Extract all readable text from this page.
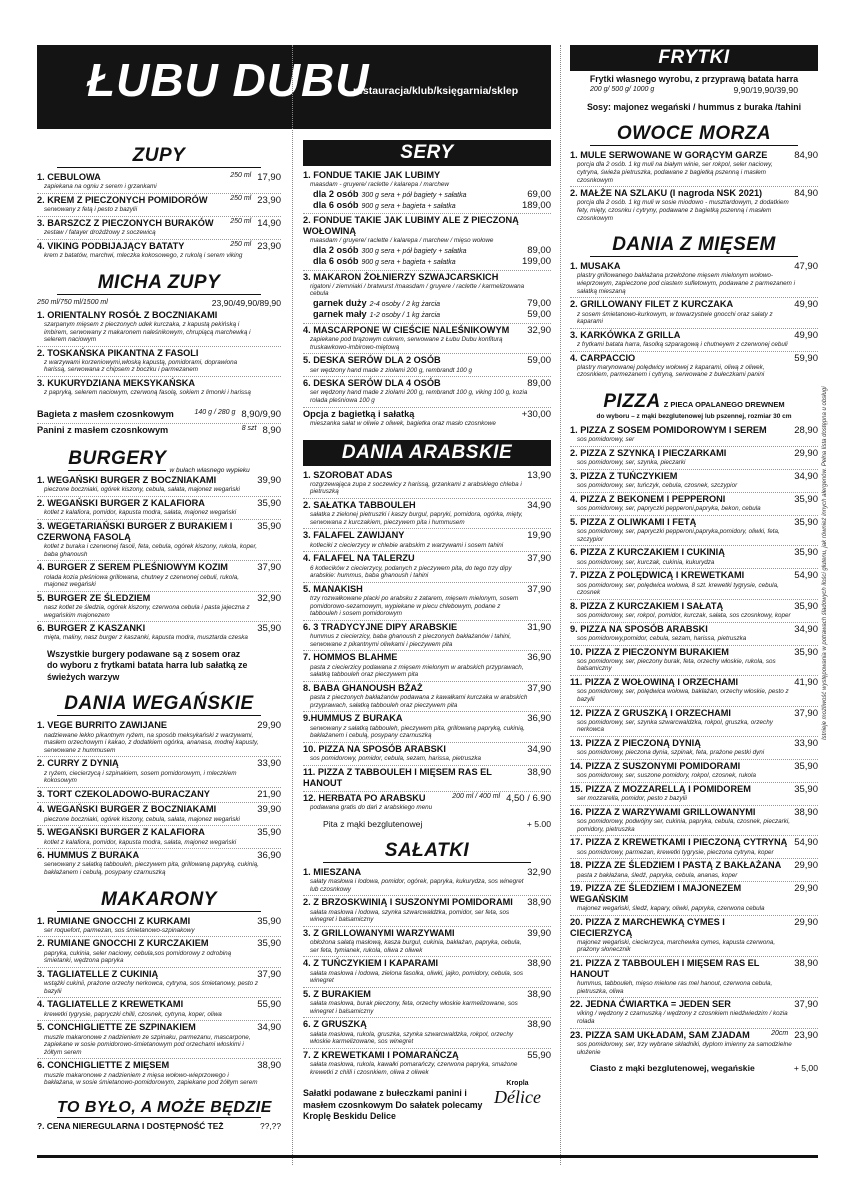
ŁUBU DUBU
restauracja/klub/księgarnia/sklep
ZUPY
1. CEBULOWA	250 ml 17,90
zapiekana na ogniu z serem i grzankami
2. KREM Z PIECZONYCH POMIDORÓW	250 ml 23,90
serwowany z fetą i pesto z bazylii
3. BARSZCZ Z PIECZONYCH BURAKÓW	250 ml 14,90
zestaw / fatayer drożdżowy z soczewicą
4. VIKING PODBIJAJĄCY BATATY	250 ml 23,90
krem z batatów, marchwi, mleczka kokosowego, z rukolą i serem viking
MICHA ZUPY
250 ml/750 ml/1500 ml	23,90/49,90/89,90
1. ORIENTALNY ROSÓŁ Z BOCZNIAKAMI
szarpanym mięsem z pieczonych udek kurczaka, z kapustą pekińską i imbirem, serwowany z makaronem naleśnikowym, chrupiącą marchewką i selerem naciowym
2. TOSKAŃSKA PIKANTNA Z FASOLI
z warzywami korzeniowymi,włoską kapustą, pomidorami, doprawiona harissą, serwowana z chipsem z boczku i parmezanem
3. KUKURYDZIANA MEKSYKAŃSKA
z papryką, selerem naciowym, czerwoną fasolą, sokiem z limonki i harissą
Bagieta z masłem czosnkowym	140 g / 280 g 8,90/9,90
Panini z masłem czosnkowym	8 szt 8,90
BURGERY
w bułach własnego wypieku
1. WEGAŃSKI BURGER Z BOCZNIAKAMI	39,90
pieczone boczniaki, ogórek kiszony, cebula, sałata, majonez wegański
2. WEGAŃSKI BURGER Z KALAFIORA	35,90
kotlet z kalafiora, pomidor, kapusta modra, sałata, majonez wegański
3. WEGETARIAŃSKI BURGER Z BURAKIEM I CZERWONĄ FASOLĄ
35,90
kotlet z buraka i czerwonej fasoli, feta, cebula, ogórek kiszony, rukola, koper, baba ghanoush
4. BURGER Z SEREM PLEŚNIOWYM KOZIM	37,90
roladа kozia pleśniowa grillowana, chutney z czerwonej cebuli, rukola, majonez wegański
5. BURGER ZE ŚLEDZIEM	32,90
nasz kotlet ze śledzia, ogórek kiszony, czerwona cebula i pasta jajeczna z wegańskim majonezem
6. BURGER Z KASZANKI	35,90
mięta, maliny, nasz burger z kaszanki, kapusta modra, musztarda czeska
Wszystkie burgery podawane są z sosem oraz do wyboru z frytkami batata harra lub sałatką ze świeżych warzyw
DANIA WEGAŃSKIE
1. VEGE BURRITO ZAWIJANE	29,90
nadziewane lekko pikantnym ryżem, na sposób meksykański z warzywami, masłem orzechowym i kakao, z dodatkiem ogórka, ananasa, modrej kapusty, serwowane z hummusem
2. CURRY Z DYNIĄ	33,90
z ryżem, ciecierzycą i szpinakiem, sosem pomidorowym, i mleczkiem kokosowym
3. TORT CZEKOLADOWO-BURACZANY	21,90
4. WEGAŃSKI BURGER Z BOCZNIAKAMI	39,90
pieczone boczniaki, ogórek kiszony, cebula, sałata, majonez wegański
5. WEGAŃSKI BURGER Z KALAFIORA	35,90
kotlet z kalafiora, pomidor, kapusta modra, sałata, majonez wegański
6. HUMMUS Z BURAKA	36,90
serwowany z sałatką tabbouleh, pieczywem pita, grillowaną papryką, cukinią, bakłażanem i cebulą, posypany czarnuszką
MAKARONY
1. RUMIANE GNOCCHI Z KURKAMI	35,90
ser roquefort, parmezan, sos śmietanowo-szpinakowy
2. RUMIANE GNOCCHI Z KURCZAKIEM	35,90
papryka, cukinia, seler naciowy, cebula,sos pomidorowy z odrobiną śmietanki, wędzona papryka
3. TAGLIATELLE Z CUKINIĄ	37,90
wstążki cukinii, prażone orzechy nerkowca, cytryna, sos śmietanowy, pesto z bazylii
4. TAGLIATELLE Z KREWETKAMI	55,90
krewetki tygrysie, papryczki chilli, czosnek, cytryna, koper, oliwa
5. CONCHIGLIETTE ZE SZPINAKIEM	34,90
muszle makaronowe z nadzieniem ze szpinaku, parmezanu, mascarpone, zapiekane w sosie pomidorowo-śmietanowym pod orzechami włoskimi i żółtym serem
6. CONCHIGLIETTE Z MIĘSEM	38,90
muszle makaronowe z nadzieniem z mięsa wołowo-wieprzowego i bakłażana, w sosie śmietanowo-pomidorowym, zapiekane pod żółtym serem
TO BYŁO, A MOŻE BĘDZIE
?. CENA NIEREGULARNA I DOSTĘPNOŚĆ TEŻ	??,??
SERY
1. FONDUE TAKIE JAK LUBIMY
maasdam - gruyere/ raclette / kalarepa / marchew
dla 2 osób 300 g sera + pół bagiety + sałatka	69,00
dla 6 osób 900 g sera + bagieta + sałatka	189,00
2. FONDUE TAKIE JAK LUBIMY ALE Z PIECZONĄ WOŁOWINĄ
maasdam / gruyere/ raclette / kalarepa / marchew / mięso wołowe
dla 2 osób 300 g sera + pół bagiety + sałatka	89,00
dla 6 osób 900 g sera + bagieta + sałatka	199,00
3. MAKARON ŻOŁNIERZY SZWAJCARSKICH
rigatoni / ziemniaki / bratwurst /maasdam / gruyere / raclette / karmelizowana cebula
garnek duży 2-4 osoby / 2 kg żarcia	79,00
garnek mały 1-2 osoby / 1 kg żarcia	59,00
4. MASCARPONE W CIEŚCIE NALEŚNIKOWYM	32,90
zapiekane pod brązowym cukrem, serwowane z Łubu Dubu konfiturą truskawkowo-imbirowo-miętową
5. DESKA SERÓW DLA 2 OSÓB	59,00
ser wędzony hand made z ziołami 200 g, rembrandt 100 g
6. DESKA SERÓW DLA 4 OSÓB	89,00
ser wędzony hand made z ziołami 200 g, rembrandt 100 g, viking 100 g, kozia rolada pleśniowa 100 g
Opcja z bagietką i sałatką	+30,00
mieszanka sałat w oliwie z oliwek, bagietka oraz masło czosnkowe
DANIA ARABSKIE
1. SZOROBAT ADAS	13,90
rozgrzewająca zupa z soczewicy z harissą, grzankami z arabskiego chleba i pietruszką
2. SAŁATKA TABBOULEH	34,90
sałatka z zieloneį pietruszki i kaszy burgul, papryki, pomidora, ogórka, mięty, serwowana z kurczakiem, pieczywem pita i hummusem
3. FALAFEL ZAWIJANY	19,90
kotleciki z ciecierzycy w chlebie arabskim z warzywami i sosem tahini
4. FALAFEL NA TALERZU	37,90
6 kotlecików z ciecierzycy, podanych z pieczywem pita, do tego trzy dipy arabskie: hummus, baba ghanoush i tahini
5. MANAKISH	37,90
trzy rozwałkowane placki po arabsku z zatarem, mięsem mielonym, sosem pomidorowo-sezamowym, wypiekane w piecu chlebowym, podane z tabbouleh i sosem pomidorowym
6. 3 TRADYCYJNE DIPY ARABSKIE	31,90
hummus z ciecierzicy, baba ghanoush z pieczonych bakłażanów i tahini, serwowane z pikantnymi oliwkami i pieczywem pita
7. HOMMOS BLAHME	36,90
pasta z ciecierzicy podawana z mięsem mielonym w arabskich przyprawach, sałatką tabbouleh oraz pieczywem pita
8. BABA GHANOUSH BŻAŻ	37,90
pasta z pieczonych bakłażanów podawana z kawałkami kurczaka w arabskich przyprawach, sałatką tabbouleh oraz pieczywem pita
9.HUMMUS Z BURAKA	36,90
serwowany z sałatką tabbouleh, pieczywem pita, grillowaną papryką, cukinią, bakłażanem i cebulą, posypany czarnuszką
10. PIZZA NA SPOSÓB ARABSKI	34,90
sos pomidorowy, pomidor, cebula, sezam, harissa, pietruszka
11. PIZZA Z TABBOULEH I MIĘSEM RAS EL HANOUT
38,90
12. HERBATA PO ARABSKU	200 ml / 400 ml 4,50 / 6.90
podawana gratis do dań z arabskiego menu
Pita z mąki bezglutenowej	+ 5.00
SAŁATKI
1. MIESZANA	32,90
sałaty masłowa i lodowa, pomidor, ogórek, papryka, kukurydza, sos winegret lub czosnkowy
2. Z BRZOSKWINIĄ I SUSZONYMI POMIDORAMI	38,90
sałata masłowa i lodowa, szynka szwarcwaldzka, pomidor, ser feta, sos winegret i balsamiczny
3. Z GRILLOWANYMI WARZYWAMI	39,90
obłożona sałatą masłową, kasza burgul, cukinia, bakłażan, papryka, cebula, ser feta, tymianek, rukola, oliwa z oliwek
4. Z TUŃCZYKIEM I KAPARAMI	38,90
sałata masłowa i lodowa, zielona fasolka, oliwki, jajko, pomidory, cebula, sos winegret
5. Z BURAKIEM	38,90
sałata masłowa, burak pieczony, feta, orzechy włoskie karmelizowane, sos winegret i balsamiczny
6. Z GRUSZKĄ	38,90
sałata masłowa, rukola, gruszka, szynka szwarcwaldzka, rokpol, orzechy włoskie karmelizowane, sos winegret
7. Z KREWETKAMI I POMARAŃCZĄ	55,90
sałata masłowa, rukola, kawałki pomarańczy, czerwona papryka, smażone krewetki z chilli i czosnkiem, oliwa z oliwek
Sałatki podawane z bułeczkami panini i masłem czosnkowym Do sałatek polecamy Kroplę Beskidu Delice
Kropla
Délice
FRYTKI
Frytki własnego wyrobu, z przyprawą batata harra
200 g/ 500 g/ 1000 g	9,90/19,90/39,90
Sosy: majonez wegański / hummus z buraka /tahini
OWOCE MORZA
1. MULE SERWOWANE W GORĄCYM GARZE	84,90
porcja dla 2 osób. 1 kg muli na białym winie, ser rokpol, seler naciowy, cytryna, świeża pietruszka, podawane z bagietką pszenną i masłem czosnkowym
2. MAŁŻE NA SZLAKU (I nagroda NSK 2021)	84,90
porcja dla 2 osób. 1 kg muli w sosie miodowo - musztardowym, z dodatkiem fety, mięty, czosnku i cytryny, podawane z bagietką pszenną i masłem czosnkowym
DANIA Z MIĘSEM
1. MUSAKA	47,90
plastry grillowanego bakłażana przełożone mięsem mielonym wołowo-wieprzowym, zapieczone pod ciastem sufletowym, podawane z parmezanem i sałatką mieszaną
2. GRILLOWANY FILET Z KURCZAKA	49,90
z sosem śmietanowo-kurkowym, w towarzystwie gnocchi oraz sałaty z kaparami
3. KARKÓWKA Z GRILLA	49,90
z frytkami batata harra, fasolką szparagową i chutneyem z czerwonej cebuli
4. CARPACCIO	59,90
plastry marynowanej polędwicy wołowej z kaparami, oliwą z oliwek, czosnkiem, parmezanem i cytryną, serwowane z bułeczkami panini
PIZZA Z PIECA OPALANEGO DREWNEM
do wyboru – z mąki bezglutenowej lub pszennej, rozmiar 30 cm
1. PIZZA Z SOSEM POMIDOROWYM I SEREM	28,90
sos pomidorowy, ser
2. PIZZA Z SZYNKĄ I PIECZARKAMI	29,90
sos pomidorowy, ser, szynka, pieczarki
3. PIZZA Z TUŃCZYKIEM	34,90
sos pomidorowy, ser, tuńczyk, cebula, czosnek, szczypior
4. PIZZA Z BEKONEM I PEPPERONI	35,90
sos pomidorowy, ser, papryczki pepperoni,papryka, bekon, cebula
5. PIZZA Z OLIWKAMI I FETĄ	35,90
sos pomidorowy, ser, papryczki pepperoni,papryka,pomidory, oliwki, feta, szczypior
6. PIZZA Z KURCZAKIEM I CUKINIĄ	35,90
sos pomidorowy, ser, kurczak, cukinia, kukurydza
7. PIZZA Z POLĘDWICĄ I KREWETKAMI	54,90
sos pomidorowy, ser, polędwica wołowa, 8 szt. krewetki tygrysie, cebula, czosnek
8. PIZZA Z KURCZAKIEM I SAŁATĄ	35,90
sos pomidorowy, ser, rokpol, pomidor, kurczak, sałata, sos czosnkowy, koper
9. PIZZA NA SPOSÓB ARABSKI	34,90
sos pomidorowy,pomidor, cebula, sezam, harissa, pietruszka
10. PIZZA Z PIECZONYM BURAKIEM	35,90
sos pomidorowy, ser, pieczony burak, feta, orzechy włoskie, rukola, sos balsamiczny
11. PIZZA Z WOŁOWINĄ I ORZECHAMI	41,90
sos pomidorowy, ser, polędwica wołowa, bakłażan, orzechy włoskie, pesto z bazylii
12. PIZZA Z GRUSZKĄ I ORZECHAMI	37,90
sos pomidorowy, ser, szynka szwarcwaldzka, rokpol, gruszka, orzechy nerkowca
13. PIZZA Z PIECZONĄ DYNIĄ	33,90
sos pomidorowy, pieczona dynia, szpinak, feta, prażone pestki dyni
14. PIZZA Z SUSZONYMI POMIDORAMI	35,90
sos pomidorowy, ser, suszone pomidory, rokpol, czosnek, rukola
15. PIZZA Z MOZZARELLĄ I POMIDOREM	35,90
ser mozzarella, pomidor, pesto z bazylii
16. PIZZA Z WARZYWAMI GRILLOWANYMI	38,90
sos pomidorowy, podwójny ser, cukinia, papryka, cebula, czosnek, pieczarki, pomidory, pietruszka
17. PIZZA Z KREWETKAMI I PIECZONĄ CYTRYNĄ 54,90
sos pomidorowy, parmezan, krewetki tygrysie, pieczona cytryna, koper
18. PIZZA ZE ŚLEDZIEM I PASTĄ Z BAKŁAŻANA	29,90
pasta z bakłażana, śledź, papryka, cebula, ananas, koper
19. PIZZA ZE ŚLEDZIEM I MAJONEZEM WEGAŃSKIM
29,90
majonez wegański, śledź, kapary, oliwki, papryka, czerwona cebula
20. PIZZA Z MARCHEWKĄ CYMES I CIECIERZYCĄ
29,90
majonez wegański, ciecierzyca, marchewka cymes, kapusta czerwona, prażony słonecznik
21. PIZZA Z TABBOULEH I MIĘSEM RAS EL HANOUT
38,90
hummus, tabbouleh, mięso mielone ras mel hanout, czerwona cebula, pietruszka, oliwa
22. JEDNA ĆWIARTKA = JEDEN SER	37,90
viking / wędzony z czarnuszką / wędzony z czosnkiem niedźwiedzim / kozia rolada
23. PIZZA SAM UKŁADAM, SAM ZJADAM	20cm 23,90
sos pomidorowy, ser, trzy wybrane składniki, dyplom imienny za samodzielne ułożenie
Ciasto z mąki bezglutenowej, wegańskie	+ 5,00
Istnieje możliwość występowania w potrawach śladowych ilości glutenu, jak również innych alergenów. Pełna lista dostępna u obsługi
